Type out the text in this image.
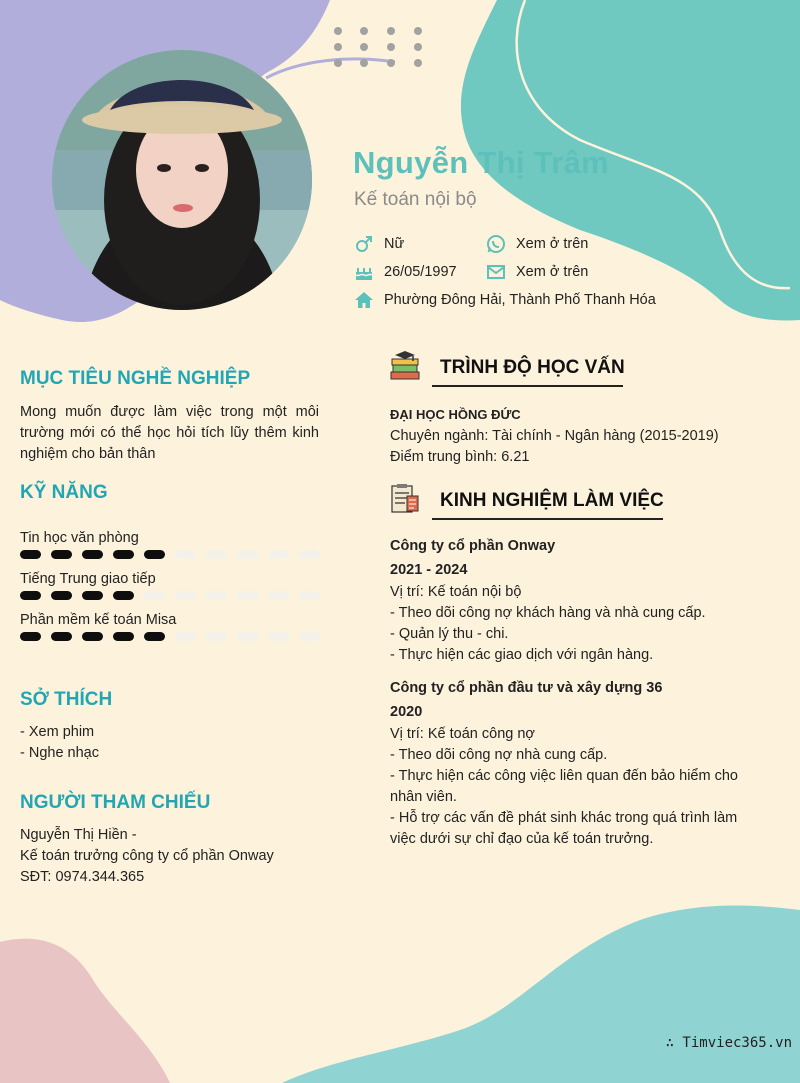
Nguyễn Thị Trâm
Kế toán nội bộ
Nữ	Xem ở trên
26/05/1997	Xem ở trên
Phường Đông Hải, Thành Phố Thanh Hóa
MỤC TIÊU NGHỀ NGHIỆP
Mong muốn được làm việc trong một môi trường mới có thể học hỏi tích lũy thêm kinh nghiệm cho bản thân
KỸ NĂNG
Tin học văn phòng
Tiếng Trung giao tiếp
Phần mềm kế toán Misa
SỞ THÍCH
- Xem phim
- Nghe nhạc
NGƯỜI THAM CHIẾU
Nguyễn Thị Hiền -
Kế toán trưởng công ty cổ phần Onway
SĐT: 0974.344.365
TRÌNH ĐỘ HỌC VẤN
ĐẠI HỌC HỒNG ĐỨC
Chuyên ngành: Tài chính - Ngân hàng (2015-2019)
Điểm trung bình: 6.21
KINH NGHIỆM LÀM VIỆC
Công ty cổ phần Onway
2021 - 2024
Vị trí: Kế toán nội bộ
- Theo dõi công nợ khách hàng và nhà cung cấp.
- Quản lý thu - chi.
- Thực hiện các giao dịch với ngân hàng.
Công ty cổ phần đầu tư và xây dựng 36
2020
Vị trí: Kế toán công nợ
- Theo dõi công nợ nhà cung cấp.
- Thực hiện các công việc liên quan đến bảo hiểm cho nhân viên.
- Hỗ trợ các vấn đề phát sinh khác trong quá trình làm việc dưới sự chỉ đạo của kế toán trưởng.
∴ Timviec365.vn
